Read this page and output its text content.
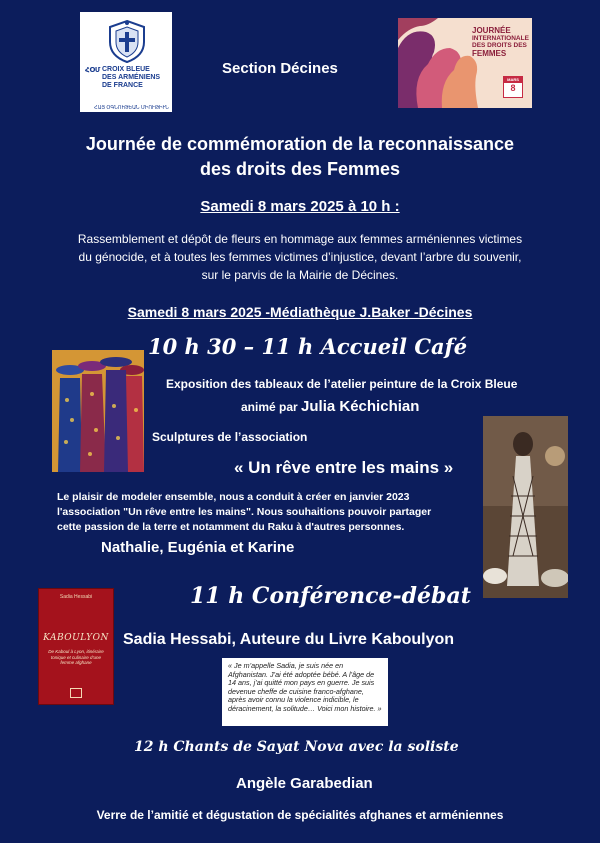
ՀՕՄ CROIX BLEUE
DES ARMÉNIENS
DE FRANCE
ՀԱՅ ՕԳՆՈՒԹԵԱՆ ՄԻՈՒԹԻՒՆ
Section Décines
JOURNÉE
INTERNATIONALE
DES DROITS DES
FEMMES
MARS
8
Journée de commémoration de la reconnaissance
des droits des Femmes
Samedi 8 mars 2025 à 10 h :
Rassemblement et dépôt de fleurs en hommage aux femmes arméniennes victimes
du génocide, et à toutes les femmes victimes d’injustice, devant l’arbre du souvenir,
sur le parvis de la Mairie de Décines.
Samedi 8 mars 2025 -Médiathèque J.Baker -Décines
10 h 30 – 11 h Accueil Café
Exposition des tableaux de l’atelier peinture de la Croix Bleue
animé par Julia Kéchichian
Sculptures de l’association
« Un rêve entre les mains »
Le plaisir de modeler ensemble, nous a conduit à créer en janvier 2023
l'association "Un rêve entre les mains". Nous souhaitions pouvoir partager
cette passion de la terre et notamment du Raku à d'autres personnes.
Nathalie, Eugénia et Karine
11 h Conférence-débat
Sadia Hessabi
KABOULYON
De Kaboul à Lyon, itinéraire tonique et culinaire d’une femme afghane
Sadia Hessabi, Auteure du Livre Kaboulyon
« Je m’appelle Sadia, je suis née en Afghanistan. J’ai été adoptée bébé. A l’âge de 14 ans, j’ai quitté mon pays en guerre. Je suis devenue cheffe de cuisine franco-afghane, après avoir connu la violence indicible, le déracinement, la solitude… Voici mon histoire. »
12 h Chants de Sayat Nova avec la soliste
Angèle Garabedian
Verre de l’amitié et dégustation de spécialités afghanes et arméniennes
